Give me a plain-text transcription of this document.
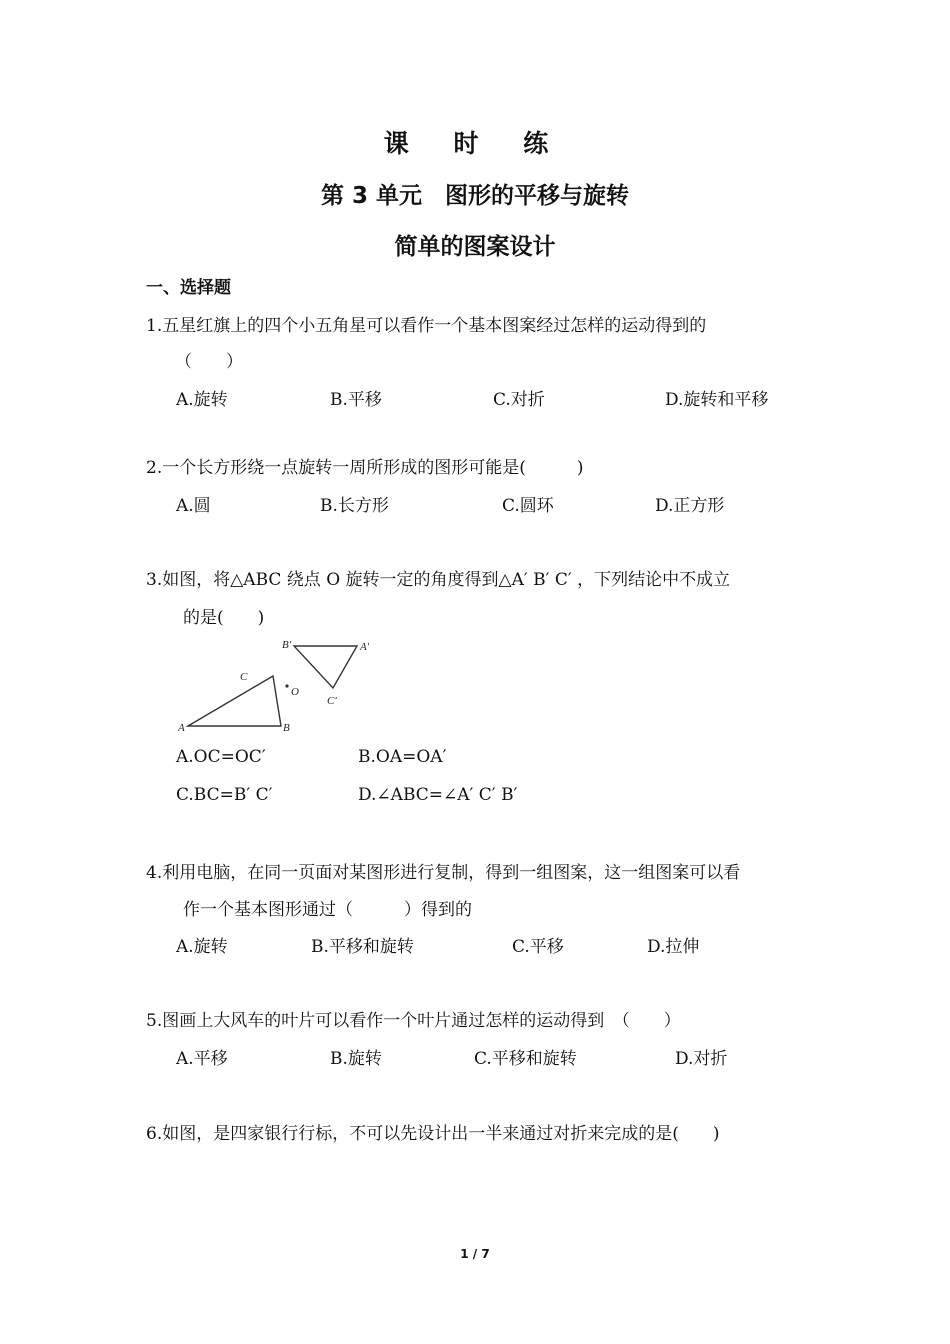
课 时 练
第 3 单元　图形的平移与旋转
简单的图案设计
一、选择题
1.五星红旗上的四个小五角星可以看作一个基本图案经过怎样的运动得到的
（　　）
A.旋转	B.平移	C.对折	D.旋转和平移
2.一个长方形绕一点旋转一周所形成的图形可能是(　　　)
A.圆	B.长方形	C.圆环	D.正方形
3.如图，将△ABC 绕点 O 旋转一定的角度得到△A′ B′ C′ ，下列结论中不成立
的是(　　)
A	B
C
O
A′
B′
C′
A.OC=OC′	B.OA=OA′
C.BC=B′ C′	D.∠ABC=∠A′ C′ B′
4.利用电脑，在同一页面对某图形进行复制，得到一组图案，这一组图案可以看
作一个基本图形通过（　　　）得到的
A.旋转	B.平移和旋转	C.平移	D.拉伸
5.图画上大风车的叶片可以看作一个叶片通过怎样的运动得到　（　　）
A.平移	B.旋转	C.平移和旋转	D.对折
6.如图，是四家银行行标，不可以先设计出一半来通过对折来完成的是(　　)
1 / 7
